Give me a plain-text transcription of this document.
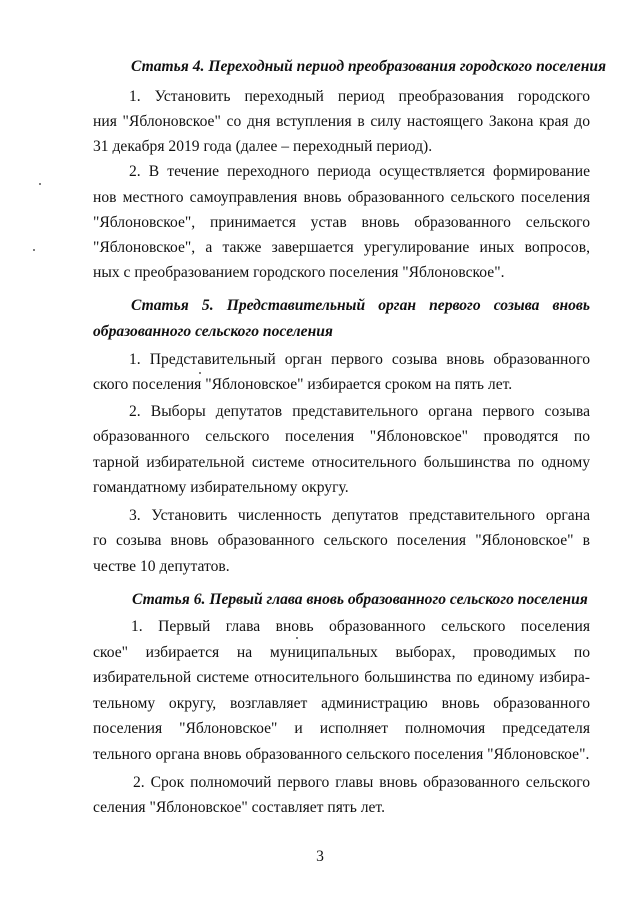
Статья 4. Переходный период преобразования городского поселения
1. Установить переходный период преобразования городского
ния "Яблоновское" со дня вступления в силу настоящего Закона края до
31 декабря 2019 года (далее – переходный период).
2. В течение переходного периода осуществляется формирование
нов местного самоуправления вновь образованного сельского поселения
"Яблоновское", принимается устав вновь образованного сельского
"Яблоновское", а также завершается урегулирование иных вопросов,
ных с преобразованием городского поселения "Яблоновское".
Статья 5. Представительный орган первого созыва вновь
образованного сельского поселения
1. Представительный орган первого созыва вновь образованного
ского поселения "Яблоновское" избирается сроком на пять лет.
2. Выборы депутатов представительного органа первого созыва
образованного сельского поселения "Яблоновское" проводятся по
тарной избирательной системе относительного большинства по одному
гомандатному избирательному округу.
3. Установить численность депутатов представительного органа
го созыва вновь образованного сельского поселения "Яблоновское" в
честве 10 депутатов.
Статья 6. Первый глава вновь образованного сельского поселения
1. Первый глава вновь образованного сельского поселения
ское" избирается на муниципальных выборах, проводимых по
избирательной системе относительного большинства по единому избира-
тельному округу, возглавляет администрацию вновь образованного
поселения "Яблоновское" и исполняет полномочия председателя
тельного органа вновь образованного сельского поселения "Яблоновское".
2. Срок полномочий первого главы вновь образованного сельского
селения "Яблоновское" составляет пять лет.
3
